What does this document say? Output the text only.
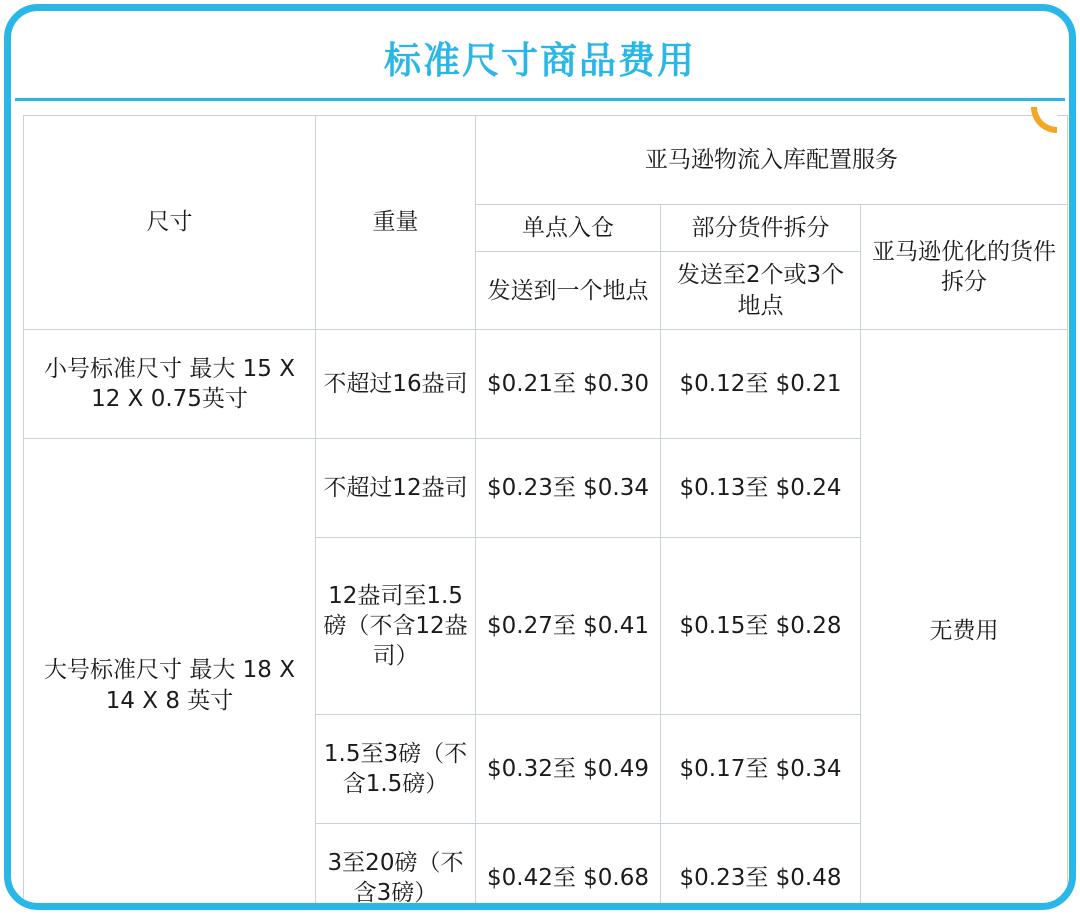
标准尺寸商品费用
尺寸	重量	亚马逊物流入库配置服务		
		单点入仓	部分货件拆分	亚马逊优化的货件拆分
		发送到一个地点	发送至2个或3个地点	
小号标准尺寸 最大 15 X 12 X 0.75英寸	不超过16盎司	$0.21至 $0.30	$0.12至 $0.21	无费用
大号标准尺寸 最大 18 X 14 X 8 英寸	不超过12盎司	$0.23至 $0.34	$0.13至 $0.24	
	12盎司至1.5磅（不含12盎司）	$0.27至 $0.41	$0.15至 $0.28	
	1.5至3磅（不含1.5磅）	$0.32至 $0.49	$0.17至 $0.34	
	3至20磅（不含3磅）	$0.42至 $0.68	$0.23至 $0.48	
